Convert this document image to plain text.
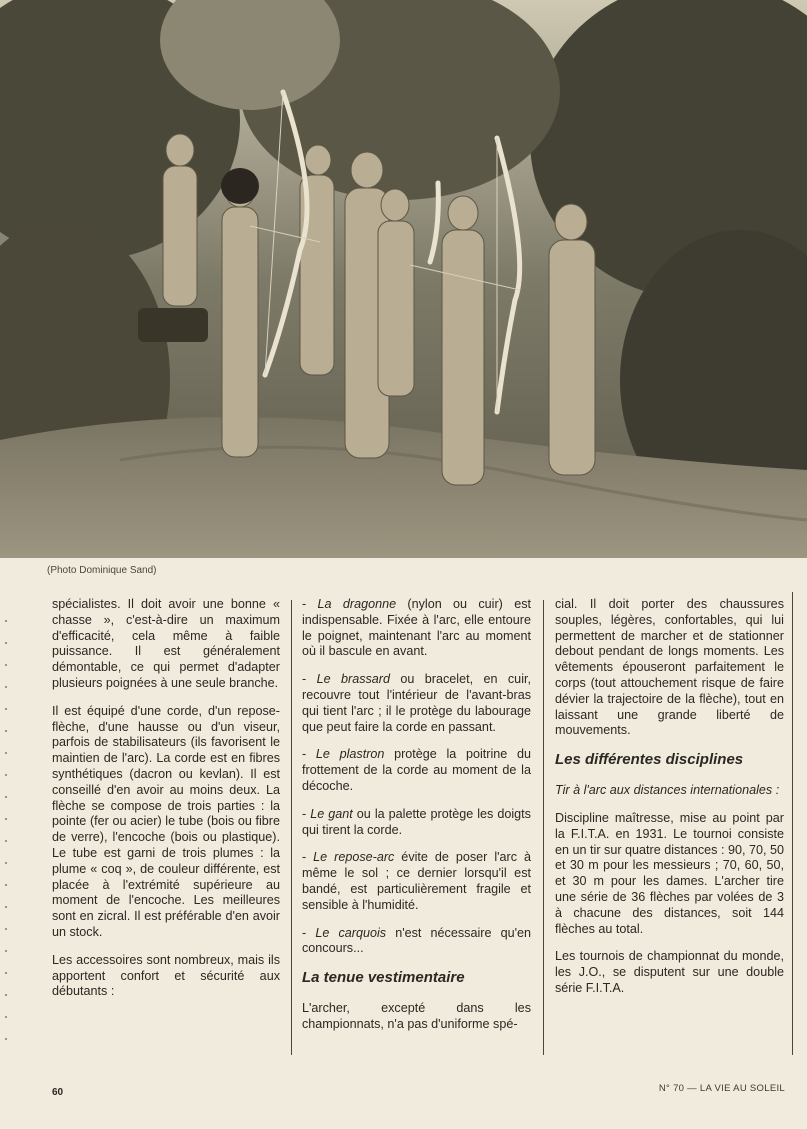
(Photo Dominique Sand)

spécialistes. Il doit avoir une bonne « chasse », c'est-à-dire un maximum d'efficacité, cela même à faible puissance. Il est généralement démontable, ce qui permet d'adapter plusieurs poignées à une seule branche.

Il est équipé d'une corde, d'un repose-flèche, d'une hausse ou d'un viseur, parfois de stabilisateurs (ils favorisent le maintien de l'arc). La corde est en fibres synthétiques (dacron ou kevlan). Il est conseillé d'en avoir au moins deux. La flèche se compose de trois parties : la pointe (fer ou acier) le tube (bois ou fibre de verre), l'encoche (bois ou plastique). Le tube est garni de trois plumes : la plume « coq », de couleur différente, est placée à l'extrémité supérieure au moment de l'encoche. Les meilleures sont en zicral. Il est préférable d'en avoir un stock.

Les accessoires sont nombreux, mais ils apportent confort et sécurité aux débutants :

- La dragonne (nylon ou cuir) est indispensable. Fixée à l'arc, elle entoure le poignet, maintenant l'arc au moment où il bascule en avant.

- Le brassard ou bracelet, en cuir, recouvre tout l'intérieur de l'avant-bras qui tient l'arc ; il le protège du labourage que peut faire la corde en passant.

- Le plastron protège la poitrine du frottement de la corde au moment de la décoche.

- Le gant ou la palette protège les doigts qui tirent la corde.

- Le repose-arc évite de poser l'arc à même le sol ; ce dernier lorsqu'il est bandé, est particulièrement fragile et sensible à l'humidité.

- Le carquois n'est nécessaire qu'en concours...

La tenue vestimentaire

L'archer, excepté dans les championnats, n'a pas d'uniforme spé-

cial. Il doit porter des chaussures souples, légères, confortables, qui lui permettent de marcher et de stationner debout pendant de longs moments. Les vêtements épouseront parfaitement le corps (tout attouchement risque de faire dévier la trajectoire de la flèche), tout en laissant une grande liberté de mouvements.

Les différentes disciplines

Tir à l'arc aux distances internationales :

Discipline maîtresse, mise au point par la F.I.T.A. en 1931. Le tournoi consiste en un tir sur quatre distances : 90, 70, 50 et 30 m pour les messieurs ; 70, 60, 50, et 30 m pour les dames. L'archer tire une série de 36 flèches par volées de 3 à chacune des distances, soit 144 flèches au total.

Les tournois de championnat du monde, les J.O., se disputent sur une double série F.I.T.A.

60	N° 70 — LA VIE AU SOLEIL
